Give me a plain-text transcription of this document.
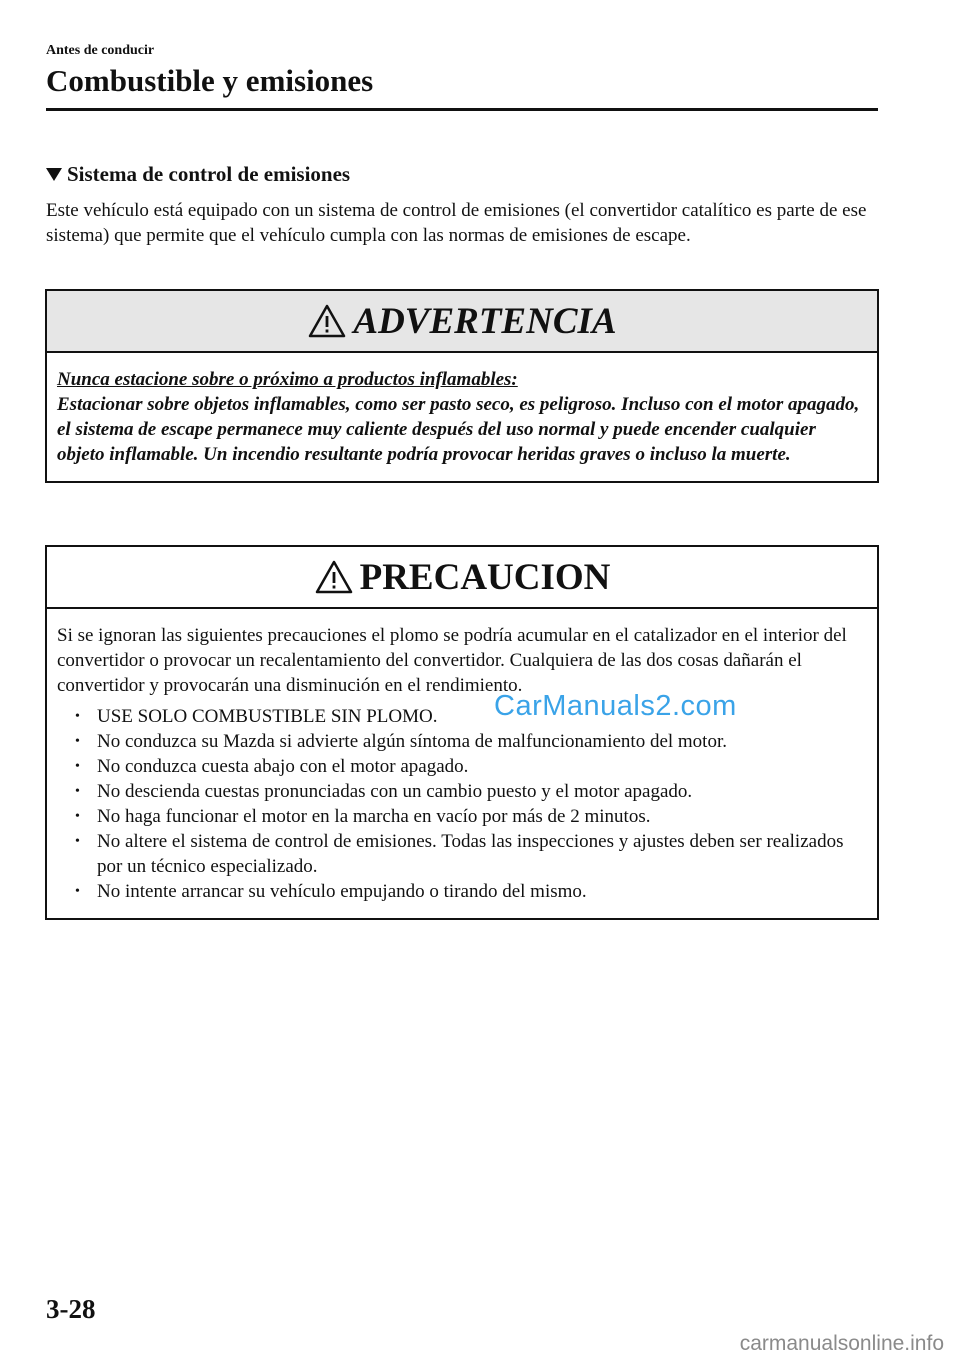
Antes de conducir
Combustible y emisiones
Sistema de control de emisiones
Este vehículo está equipado con un sistema de control de emisiones (el convertidor catalítico es parte de ese sistema) que permite que el vehículo cumpla con las normas de emisiones de escape.
ADVERTENCIA
Nunca estacione sobre o próximo a productos inflamables:
Estacionar sobre objetos inflamables, como ser pasto seco, es peligroso. Incluso con el motor apagado, el sistema de escape permanece muy caliente después del uso normal y puede encender cualquier objeto inflamable. Un incendio resultante podría provocar heridas graves o incluso la muerte.
PRECAUCION
Si se ignoran las siguientes precauciones el plomo se podría acumular en el catalizador en el interior del convertidor o provocar un recalentamiento del convertidor. Cualquiera de las dos cosas dañarán el convertidor y provocarán una disminución en el rendimiento.
• USE SOLO COMBUSTIBLE SIN PLOMO.
• No conduzca su Mazda si advierte algún síntoma de malfuncionamiento del motor.
• No conduzca cuesta abajo con el motor apagado.
• No descienda cuestas pronunciadas con un cambio puesto y el motor apagado.
• No haga funcionar el motor en la marcha en vacío por más de 2 minutos.
• No altere el sistema de control de emisiones. Todas las inspecciones y ajustes deben ser realizados por un técnico especializado.
• No intente arrancar su vehículo empujando o tirando del mismo.
CarManuals2.com
3-28
carmanualsonline.info
